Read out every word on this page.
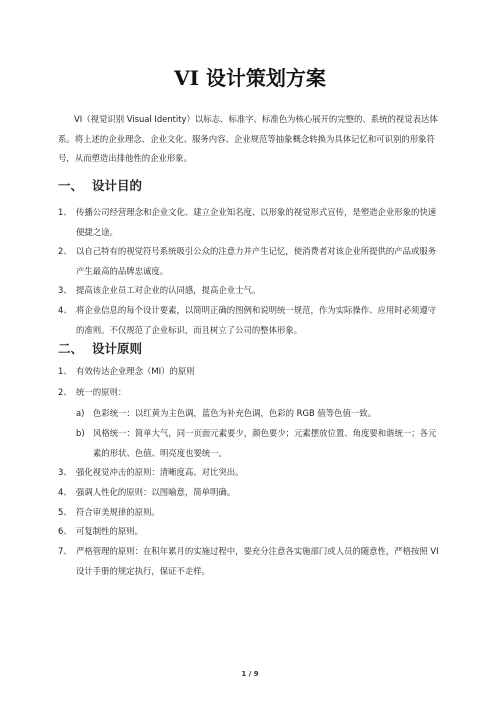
VI 设计策划方案

VI（视觉识别 Visual Identity）以标志、标准字、标准色为核心展开的完整的、系统的视觉表达体系。将上述的企业理念、企业文化、服务内容、企业规范等抽象概念转换为具体记忆和可识别的形象符号，从而塑造出排他性的企业形象。

一、 设计目的
1、 传播公司经营理念和企业文化、建立企业知名度、以形象的视觉形式宣传，是塑造企业形象的快速便捷之途。
2、 以自己特有的视觉符号系统吸引公众的注意力并产生记忆，使消费者对该企业所提供的产品或服务产生最高的品牌忠诚度。
3、 提高该企业员工对企业的认同感，提高企业士气。
4、 将企业信息的每个设计要素，以简明正确的图例和说明统一规范，作为实际操作、应用时必须遵守的准则。不仅规范了企业标识，而且树立了公司的整体形象。
二、 设计原则
1、 有效传达企业理念（MI）的原则
2、 统一的原则：
a)	色彩统一：以红黄为主色调，蓝色为补充色调，色彩的 RGB 值等色值一致。
b)	风格统一：简单大气，同一页面元素要少，颜色要少；元素摆放位置、角度要和谐统一；各元素的形状、色值、明亮度也要统一。
3、 强化视觉冲击的原则：清晰度高、对比突出。
4、 强调人性化的原则：以图喻意，简单明确。
5、 符合审美规律的原则。
6、 可复制性的原则。
7、 严格管理的原则：在积年累月的实施过程中，要充分注意各实施部门或人员的随意性，严格按照 VI 设计手册的规定执行，保证不走样。
1 / 9
